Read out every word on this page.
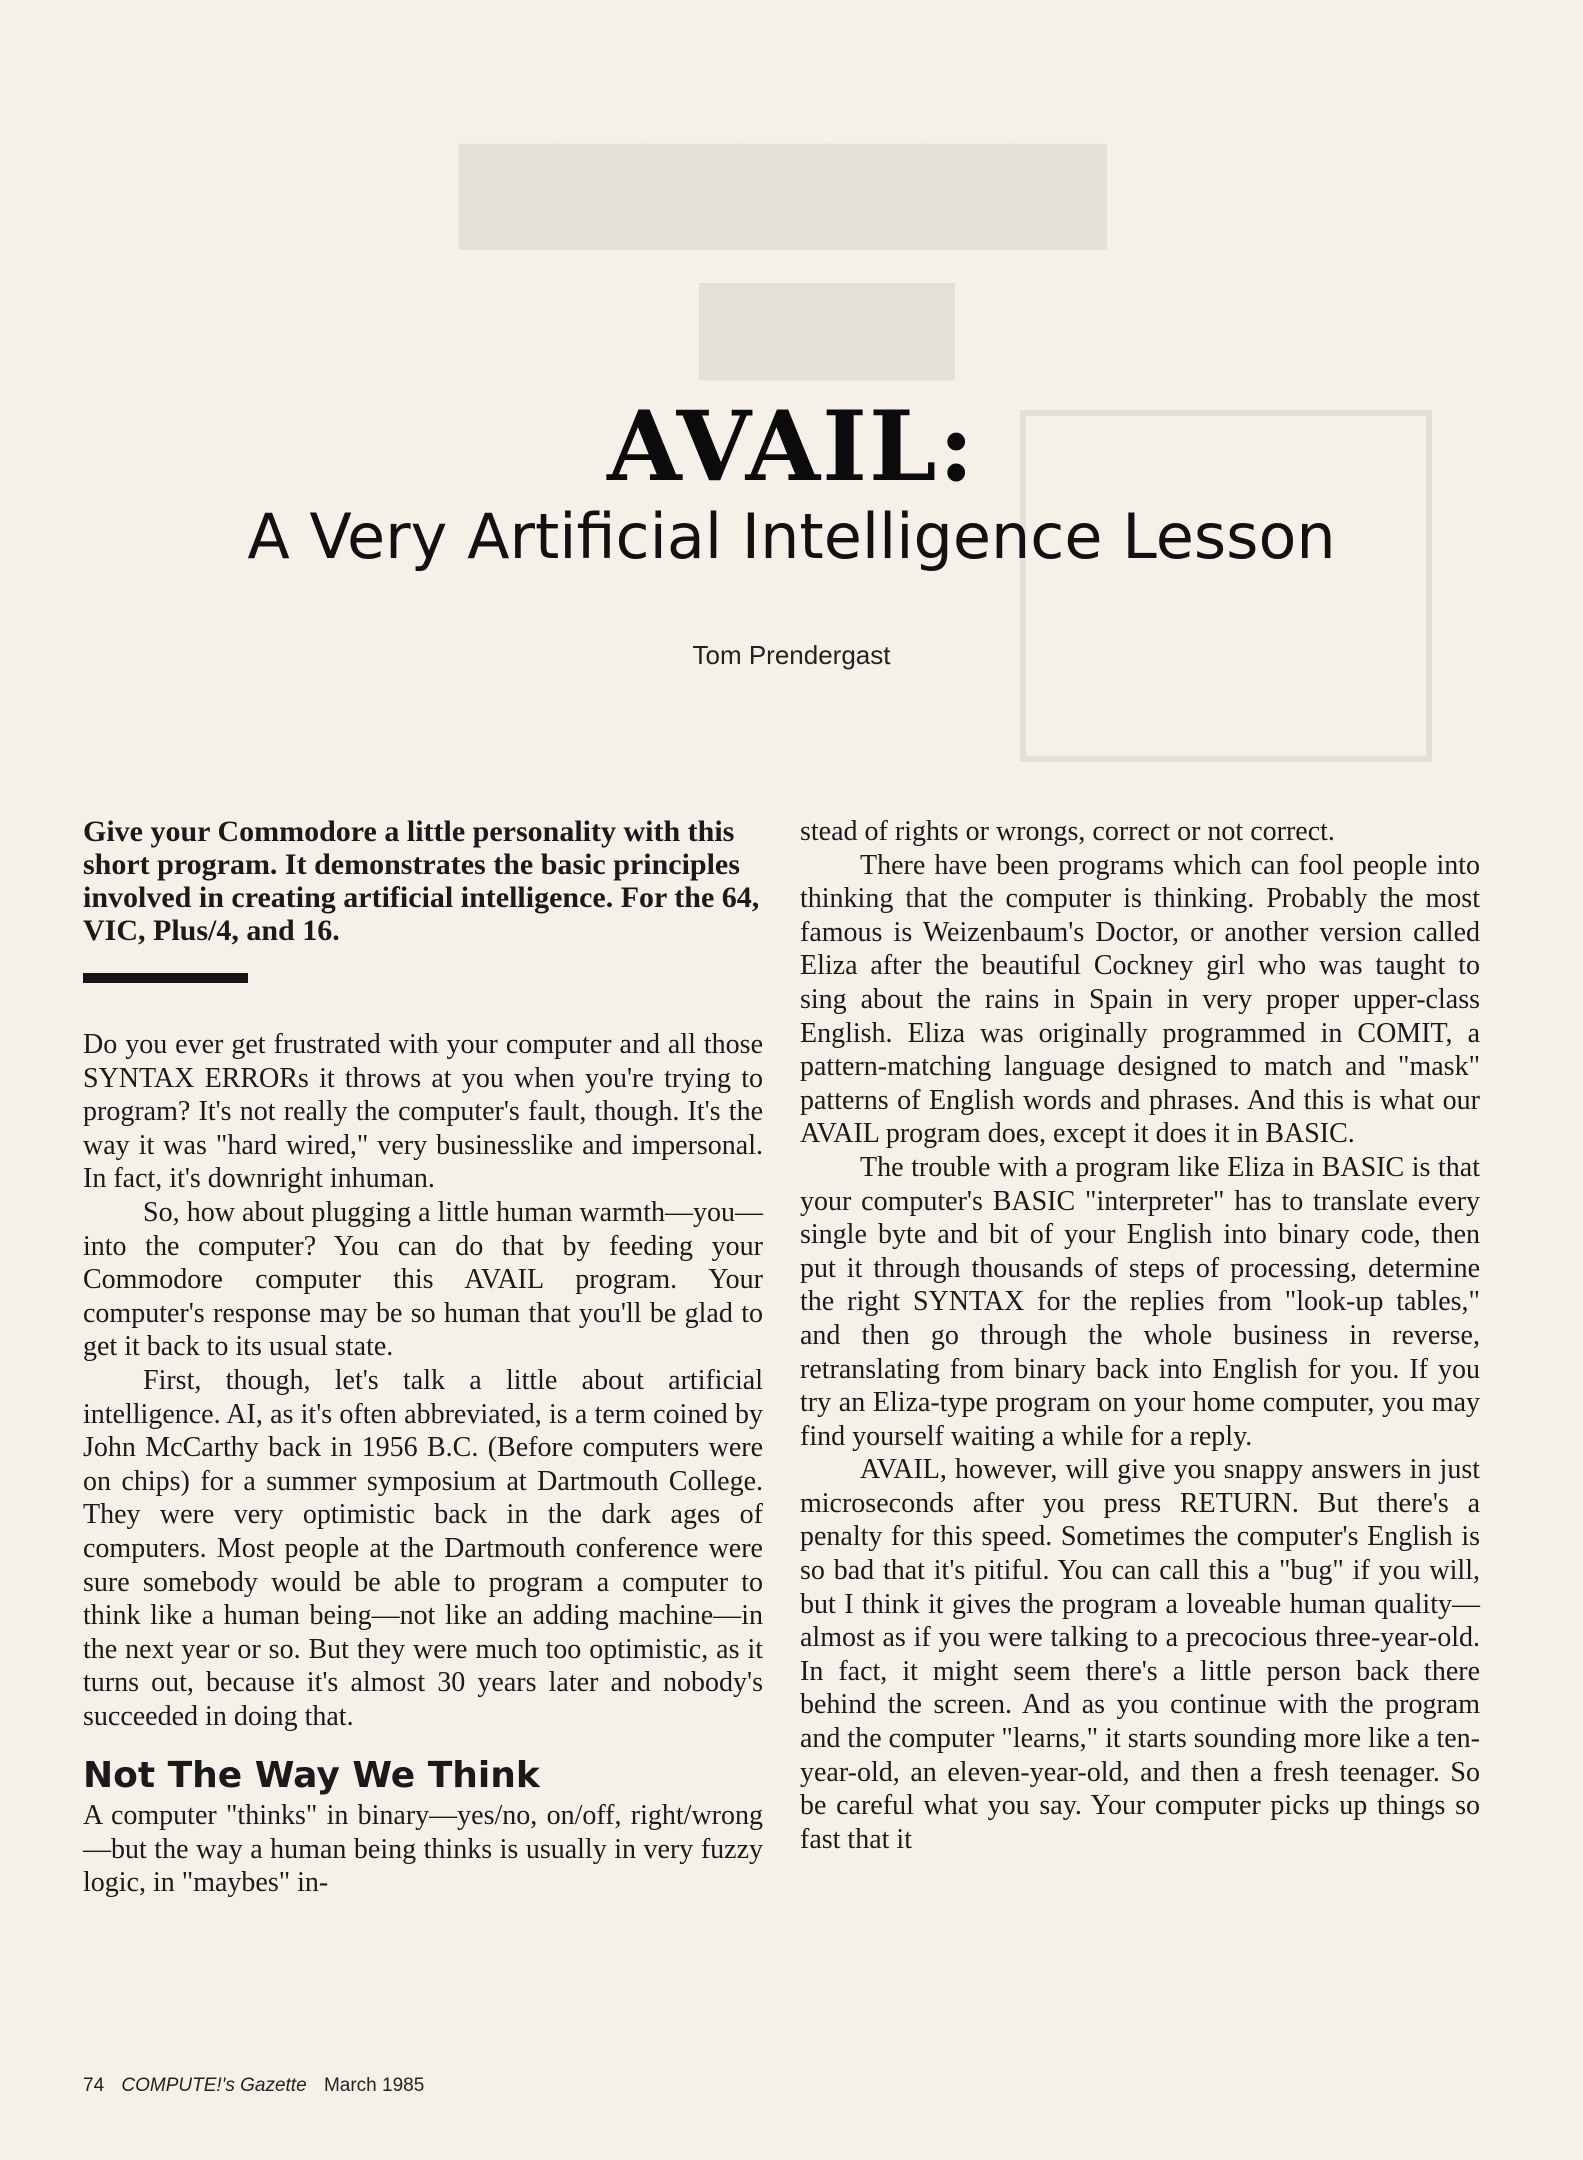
▆▆▆▆▆▆▆
▆▆▆
AVAIL:
A Very Artificial Intelligence Lesson
Tom Prendergast
Give your Commodore a little personality with this short program. It demonstrates the basic principles involved in creating artificial intelligence. For the 64, VIC, Plus/4, and 16.

Do you ever get frustrated with your computer and all those SYNTAX ERRORs it throws at you when you're trying to program? It's not really the computer's fault, though. It's the way it was "hard wired," very businesslike and impersonal. In fact, it's downright inhuman.

So, how about plugging a little human warmth—you—into the computer? You can do that by feeding your Commodore computer this AVAIL program. Your computer's response may be so human that you'll be glad to get it back to its usual state.

First, though, let's talk a little about artificial intelligence. AI, as it's often abbreviated, is a term coined by John McCarthy back in 1956 B.C. (Before computers were on chips) for a summer symposium at Dartmouth College. They were very optimistic back in the dark ages of computers. Most people at the Dartmouth conference were sure somebody would be able to program a computer to think like a human being—not like an adding machine—in the next year or so. But they were much too optimistic, as it turns out, because it's almost 30 years later and nobody's succeeded in doing that.

Not The Way We Think

A computer "thinks" in binary—yes/no, on/off, right/wrong—but the way a human being thinks is usually in very fuzzy logic, in "maybes" in-

stead of rights or wrongs, correct or not correct.

There have been programs which can fool people into thinking that the computer is thinking. Probably the most famous is Weizenbaum's Doctor, or another version called Eliza after the beautiful Cockney girl who was taught to sing about the rains in Spain in very proper upper-class English. Eliza was originally programmed in COMIT, a pattern-matching language designed to match and "mask" patterns of English words and phrases. And this is what our AVAIL program does, except it does it in BASIC.

The trouble with a program like Eliza in BASIC is that your computer's BASIC "interpreter" has to translate every single byte and bit of your English into binary code, then put it through thousands of steps of processing, determine the right SYNTAX for the replies from "look-up tables," and then go through the whole business in reverse, retranslating from binary back into English for you. If you try an Eliza-type program on your home computer, you may find yourself waiting a while for a reply.

AVAIL, however, will give you snappy answers in just microseconds after you press RETURN. But there's a penalty for this speed. Sometimes the computer's English is so bad that it's pitiful. You can call this a "bug" if you will, but I think it gives the program a loveable human quality—almost as if you were talking to a precocious three-year-old. In fact, it might seem there's a little person back there behind the screen. And as you continue with the program and the computer "learns," it starts sounding more like a ten-year-old, an eleven-year-old, and then a fresh teenager. So be careful what you say. Your computer picks up things so fast that it

74 COMPUTE!'s Gazette March 1985
